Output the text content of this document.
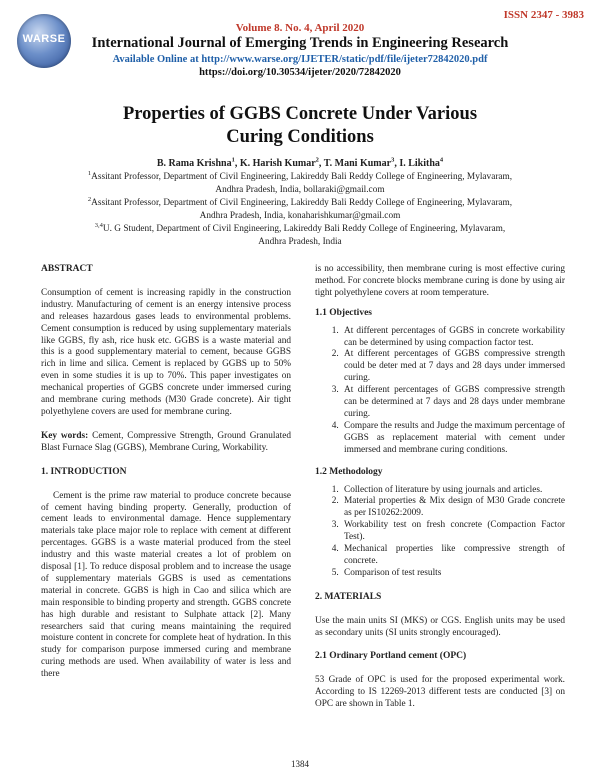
WARSE
ISSN 2347 - 3983
Volume 8. No. 4, April 2020
International Journal of Emerging Trends in Engineering Research
Available Online at http://www.warse.org/IJETER/static/pdf/file/ijeter72842020.pdf
https://doi.org/10.30534/ijeter/2020/72842020
Properties of GGBS Concrete Under Various Curing Conditions
B. Rama Krishna$^1$, K. Harish Kumar$^2$, T. Mani Kumar$^3$, I. Likitha$^4$
$^1$Assitant Professor, Department of Civil Engineering, Lakireddy Bali Reddy College of Engineering, Mylavaram, Andhra Pradesh, India, bollaraki@gmail.com
$^2$Assitant Professor, Department of Civil Engineering, Lakireddy Bali Reddy College of Engineering, Mylavaram, Andhra Pradesh, India, konaharishkumar@gmail.com
$^{3,4}$U. G Student, Department of Civil Engineering, Lakireddy Bali Reddy College of Engineering, Mylavaram, Andhra Pradesh, India

ABSTRACT

Consumption of cement is increasing rapidly in the construction industry. Manufacturing of cement is an energy intensive process and releases hazardous gases leads to environmental problems. Cement consumption is reduced by using supplementary materials like GGBS, fly ash, rice husk etc. GGBS is a waste material and this is a good supplementary material to cement, because GGBS rich in lime and silica. Cement is replaced by GGBS up to 50% even in some studies it is up to 70%. This paper investigates on mechanical properties of GGBS concrete under immersed curing and membrane curing methods (M30 Grade concrete). Air tight polyethylene covers are used for membrane curing.

Key words: Cement, Compressive Strength, Ground Granulated Blast Furnace Slag (GGBS), Membrane Curing, Workability.

1. INTRODUCTION

Cement is the prime raw material to produce concrete because of cement having binding property. Generally, production of cement leads to environmental damage. Hence supplementary materials take place major role to replace with cement at different percentages. GGBS is a waste material produced from the steel industry and this waste material creates a lot of problem on disposal [1]. To reduce disposal problem and to increase the usage of supplementary materials GGBS is used as cementations material in concrete. GGBS is high in Cao and silica which are main responsible to binding property and strength. GGBS concrete has high durable and resistant to Sulphate attack [2]. Many researchers said that curing means maintaining the required moisture content in concrete for complete heat of hydration. In this study for comparison purpose immersed curing and membrane curing methods are used. When availability of water is less and there

is no accessibility, then membrane curing is most effective curing method. For concrete blocks membrane curing is done by using air tight polyethylene covers at room temperature.

1.1 Objectives

1. At different percentages of GGBS in concrete workability can be determined by using compaction factor test.
2. At different percentages of GGBS compressive strength could be deter med at 7 days and 28 days under immersed curing.
3. At different percentages of GGBS compressive strength can be determined at 7 days and 28 days under membrane curing.
4. Compare the results and Judge the maximum percentage of GGBS as replacement material with cement under immersed and membrane curing conditions.

1.2 Methodology

1. Collection of literature by using journals and articles.
2. Material properties & Mix design of M30 Grade concrete as per IS10262:2009.
3. Workability test on fresh concrete (Compaction Factor Test).
4. Mechanical properties like compressive strength of concrete.
5. Comparison of test results

2. MATERIALS

Use the main units SI (MKS) or CGS. English units may be used as secondary units (SI units strongly encouraged).

2.1 Ordinary Portland cement (OPC)

53 Grade of OPC is used for the proposed experimental work. According to IS 12269-2013 different tests are conducted [3] on OPC are shown in Table 1.

1384
